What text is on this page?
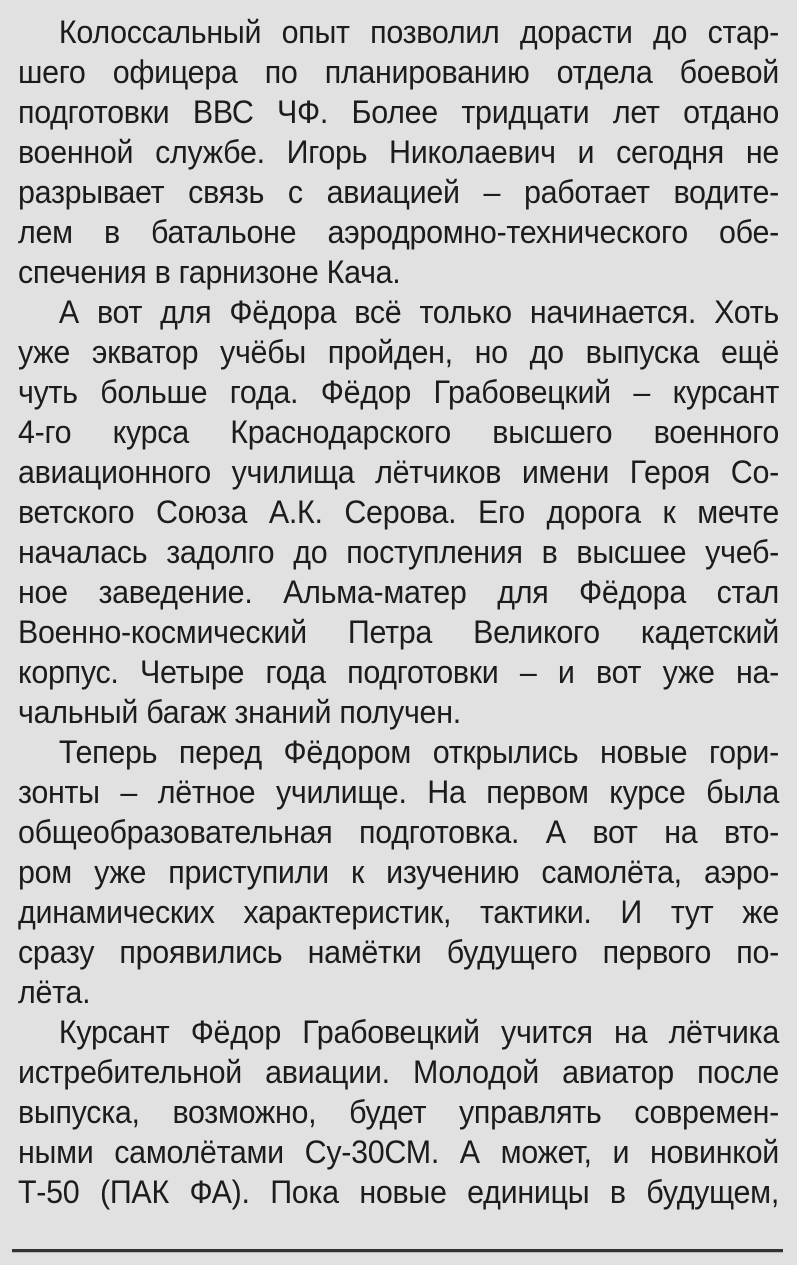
Колоссальный опыт позволил дорасти до стар-
шего офицера по планированию отдела боевой
подготовки ВВС ЧФ. Более тридцати лет отдано
военной службе. Игорь Николаевич и сегодня не
разрывает связь с авиацией – работает водите-
лем в батальоне аэродромно-технического обе-
спечения в гарнизоне Кача.
А вот для Фёдора всё только начинается. Хоть
уже экватор учёбы пройден, но до выпуска ещё
чуть больше года. Фёдор Грабовецкий – курсант
4-го курса Краснодарского высшего военного
авиационного училища лётчиков имени Героя Со-
ветского Союза А.К. Серова. Его дорога к мечте
началась задолго до поступления в высшее учеб-
ное заведение. Альма-матер для Фёдора стал
Военно-космический Петра Великого кадетский
корпус. Четыре года подготовки – и вот уже на-
чальный багаж знаний получен.
Теперь перед Фёдором открылись новые гори-
зонты – лётное училище. На первом курсе была
общеобразовательная подготовка. А вот на вто-
ром уже приступили к изучению самолёта, аэро-
динамических характеристик, тактики. И тут же
сразу проявились намётки будущего первого по-
лёта.
Курсант Фёдор Грабовецкий учится на лётчика
истребительной авиации. Молодой авиатор после
выпуска, возможно, будет управлять современ-
ными самолётами Су-30СМ. А может, и новинкой
Т-50 (ПАК ФА). Пока новые единицы в будущем,
